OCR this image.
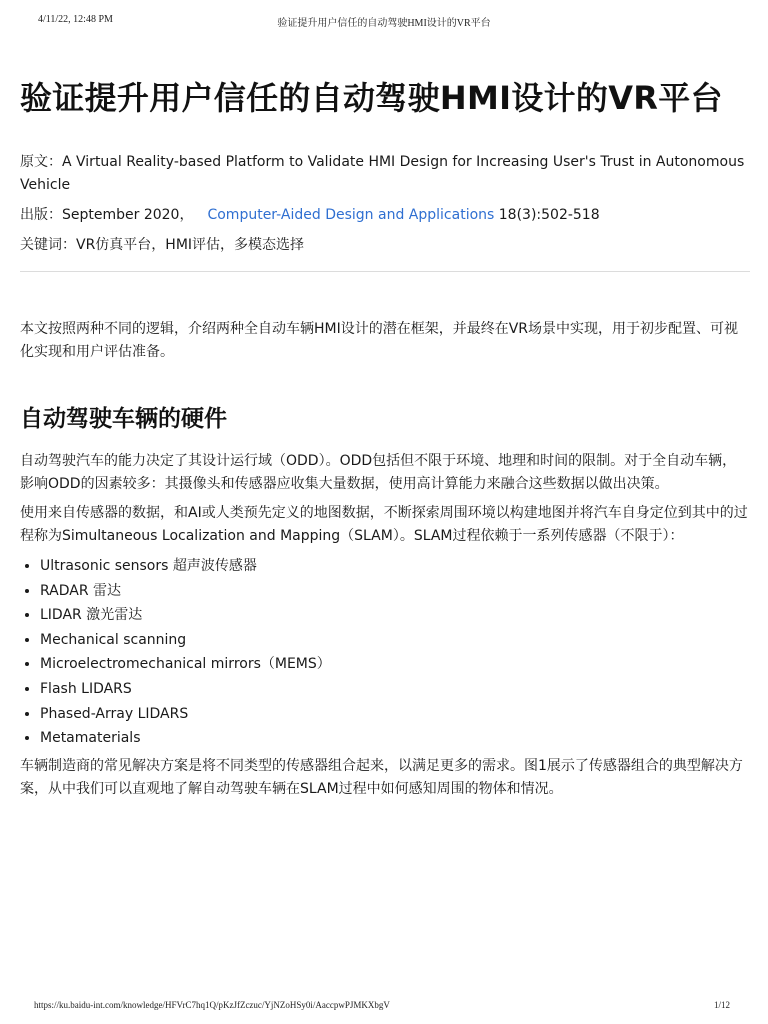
4/11/22, 12:48 PM	验证提升用户信任的自动驾驶HMI设计的VR平台
验证提升用户信任的自动驾驶HMI设计的VR平台

原文：A Virtual Reality-based Platform to Validate HMI Design for Increasing User's Trust in Autonomous Vehicle

出版：September 2020， Computer-Aided Design and Applications 18(3):502-518

关键词：VR仿真平台，HMI评估，多模态选择

本文按照两种不同的逻辑，介绍两种全自动车辆HMI设计的潜在框架，并最终在VR场景中实现，用于初步配置、可视化实现和用户评估准备。
自动驾驶车辆的硬件

自动驾驶汽车的能力决定了其设计运行域（ODD）。ODD包括但不限于环境、地理和时间的限制。对于全自动车辆，影响ODD的因素较多：其摄像头和传感器应收集大量数据，使用高计算能力来融合这些数据以做出决策。

使用来自传感器的数据，和AI或人类预先定义的地图数据，不断探索周围环境以构建地图并将汽车自身定位到其中的过程称为Simultaneous Localization and Mapping（SLAM）。SLAM过程依赖于一系列传感器（不限于）：

• Ultrasonic sensors 超声波传感器
• RADAR 雷达
• LIDAR 激光雷达
• Mechanical scanning
• Microelectromechanical mirrors（MEMS）
• Flash LIDARS
• Phased-Array LIDARS
• Metamaterials
车辆制造商的常见解决方案是将不同类型的传感器组合起来，以满足更多的需求。图1展示了传感器组合的典型解决方案，从中我们可以直观地了解自动驾驶车辆在SLAM过程中如何感知周围的物体和情况。
https://ku.baidu-int.com/knowledge/HFVrC7hq1Q/pKzJfZczuc/YjNZoHSy0i/AaccpwPJMKXbgV	1/12
